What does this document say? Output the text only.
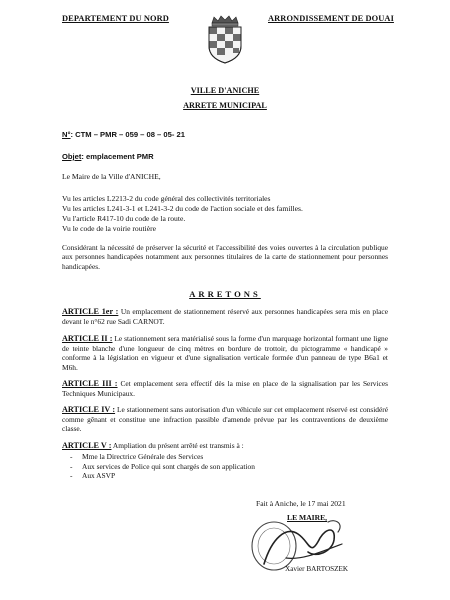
DEPARTEMENT DU NORD	ARRONDISSEMENT DE DOUAI
VILLE D'ANICHE
ARRETE MUNICIPAL
N°: CTM – PMR – 059 – 08 – 05- 21
Objet: emplacement PMR
Le Maire de la Ville d'ANICHE,
Vu les articles L2213-2 du code général des collectivités territoriales
Vu les articles L241-3-1 et L241-3-2 du code de l'action sociale et des familles.
Vu l'article R417-10 du code de la route.
Vu le code de la voirie routière
Considérant la nécessité de préserver la sécurité et l'accessibilité des voies ouvertes à la circulation publique aux personnes handicapées notamment aux personnes titulaires de la carte de stationnement pour personnes handicapées.
ARRETONS
ARTICLE 1er : Un emplacement de stationnement réservé aux personnes handicapées sera mis en place devant le n°62 rue Sadi CARNOT.
ARTICLE II : Le stationnement sera matérialisé sous la forme d'un marquage horizontal formant une ligne de teinte blanche d'une longueur de cinq mètres en bordure de trottoir, du pictogramme « handicapé » conforme à la législation en vigueur et d'une signalisation verticale formée d'un panneau de type B6a1 et M6h.
ARTICLE III : Cet emplacement sera effectif dès la mise en place de la signalisation par les Services Techniques Municipaux.
ARTICLE IV : Le stationnement sans autorisation d'un véhicule sur cet emplacement réservé est considéré comme gênant et constitue une infraction passible d'amende prévue par les contraventions de deuxième classe.
ARTICLE V : Ampliation du présent arrêté est transmis à :
- Mme la Directrice Générale des Services
- Aux services de Police qui sont chargés de son application
- Aux ASVP
Fait à Aniche, le 17 mai 2021
LE MAIRE,
Xavier BARTOSZEK
